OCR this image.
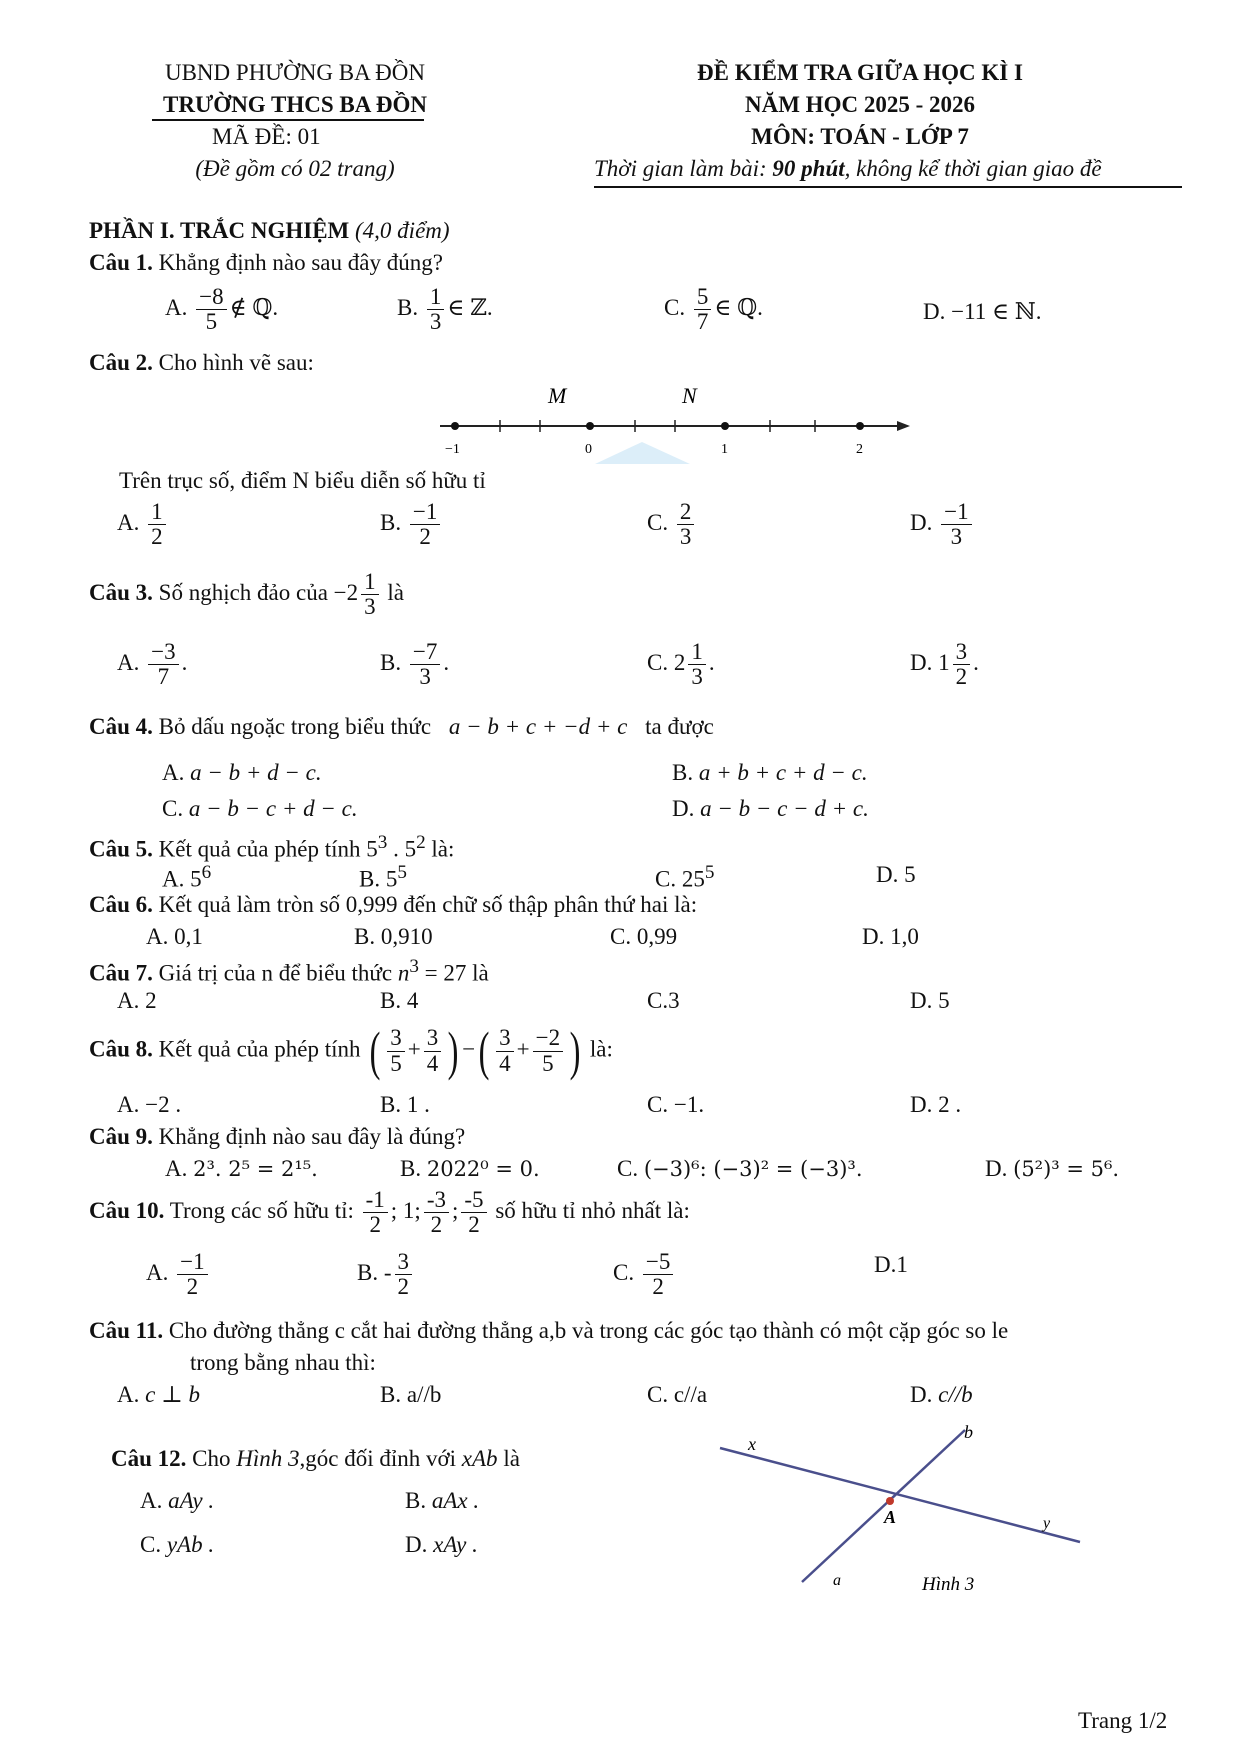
UBND PHƯỜNG BA ĐỒN
TRƯỜNG THCS BA ĐỒN
MÃ ĐỀ: 01
(Đề gồm có 02 trang)
ĐỀ KIỂM TRA GIỮA HỌC KÌ I
NĂM HỌC 2025 - 2026
MÔN: TOÁN - LỚP 7
Thời gian làm bài: 90 phút, không kể thời gian giao đề
PHẦN I. TRẮC NGHIỆM (4,0 điểm)
Câu 1. Khẳng định nào sau đây đúng?
A. $\frac{-8}{5}$ ∉ ℚ.	B. $\frac{1}{3}$ ∈ ℤ.	C. $\frac{5}{7}$ ∈ ℚ.	D. −11 ∈ ℕ.
Câu 2. Cho hình vẽ sau:
M	N
−1	0	1	2
Trên trục số, điểm N biểu diễn số hữu tỉ
A. $\frac{1}{2}$	B. $\frac{-1}{2}$	C. $\frac{2}{3}$	D. $\frac{-1}{3}$
Câu 3. Số nghịch đảo của $-2 \frac{1}{3}$ là
A. $\frac{-3}{7}$ .	B. $\frac{-7}{3}$ .	C. $2 \frac{1}{3}$ .	D. $1 \frac{3}{2}$ .
Câu 4. Bỏ dấu ngoặc trong biểu thức a − b + c + −d + c ta được
A. a − b + d − c.	B. a + b + c + d − c.
C. a − b − c + d − c.	D. a − b − c − d + c.
Câu 5. Kết quả của phép tính $5^3$ . $5^2$ là:
A. $5^6$	B. $5^5$	C. $25^5$	D. 5
Câu 6. Kết quả làm tròn số 0,999 đến chữ số thập phân thứ hai là:
A. 0,1	B. 0,910	C. 0,99	D. 1,0
Câu 7. Giá trị của n để biểu thức $n^3 = 27$ là
A. 2	B. 4	C.3	D. 5
Câu 8. Kết quả của phép tính ( $\frac{3}{5} + \frac{3}{4}$ ) −( $\frac{3}{4} + \frac{-2}{5}$ ) là:
A. −2 .	B. 1 .	C. −1.	D. 2 .
Câu 9. Khẳng định nào sau đây là đúng?
A. 2³. 2⁵ = 2¹⁵.	B. 2022⁰ = 0.	C. (−3)⁶: (−3)² = (−3)³.	D. (5²)³ = 5⁶.
Câu 10. Trong các số hữu tỉ: $\frac{-1}{2}$ ; 1; $\frac{-3}{2}$ ; $\frac{-5}{2}$ số hữu tỉ nhỏ nhất là:
A. $\frac{-1}{2}$	B. - $\frac{3}{2}$	C. $\frac{-5}{2}$	D.1
Câu 11. Cho đường thẳng c cắt hai đường thẳng a,b và trong các góc tạo thành có một cặp góc so le
trong bằng nhau thì:
A. c ⊥ b	B. a//b	C. c//a	D. c//b
Câu 12. Cho Hình 3,góc đối đỉnh với xAb là
A. aAy .	B. aAx .
C. yAb .	D. xAy .
x
b
A	y
a	Hình 3
Trang 1/2
